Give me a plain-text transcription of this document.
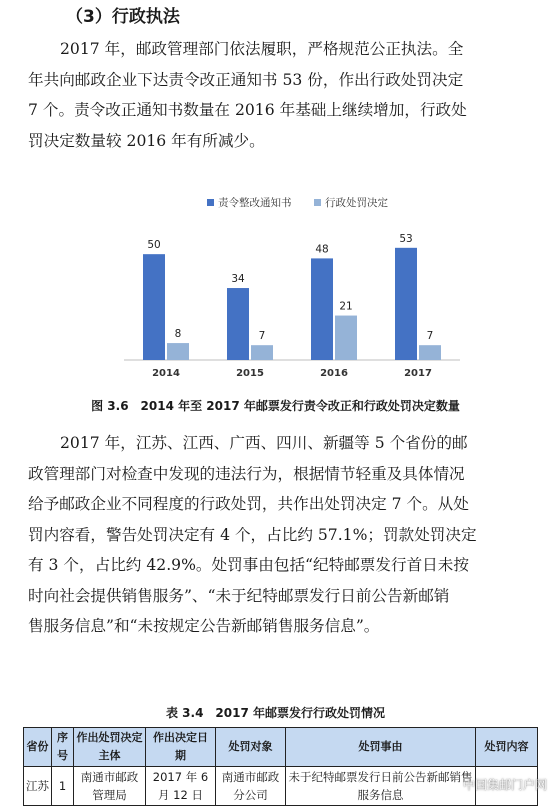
（3）行政执法
2017 年，邮政管理部门依法履职，严格规范公正执法。全
年共向邮政企业下达责令改正通知书 53 份，作出行政处罚决定
7 个。责令改正通知书数量在 2016 年基础上继续增加，行政处
罚决定数量较 2016 年有所减少。
责令整改通知书	行政处罚决定
50
8
2014
34
7
2015
48
21
2016
53
7
2017
图 3.6　2014 年至 2017 年邮票发行责令改正和行政处罚决定数量
2017 年，江苏、江西、广西、四川、新疆等 5 个省份的邮
政管理部门对检查中发现的违法行为，根据情节轻重及具体情况
给予邮政企业不同程度的行政处罚，共作出处罚决定 7 个。从处
罚内容看，警告处罚决定有 4 个，占比约 57.1%；罚款处罚决定
有 3 个，占比约 42.9%。处罚事由包括“纪特邮票发行首日未按
时向社会提供销售服务”、“未于纪特邮票发行日前公告新邮销
售服务信息”和“未按规定公告新邮销售服务信息”。
表 3.4　2017 年邮票发行行政处罚情况
省份	序号	作出处罚决定主体	作出决定日期	处罚对象	处罚事由	处罚内容
江苏	1	南通市邮政管理局	2017 年 6 月 12 日	南通市邮政分公司	未于纪特邮票发行日前公告新邮销售服务信息	
中国集邮门户网
